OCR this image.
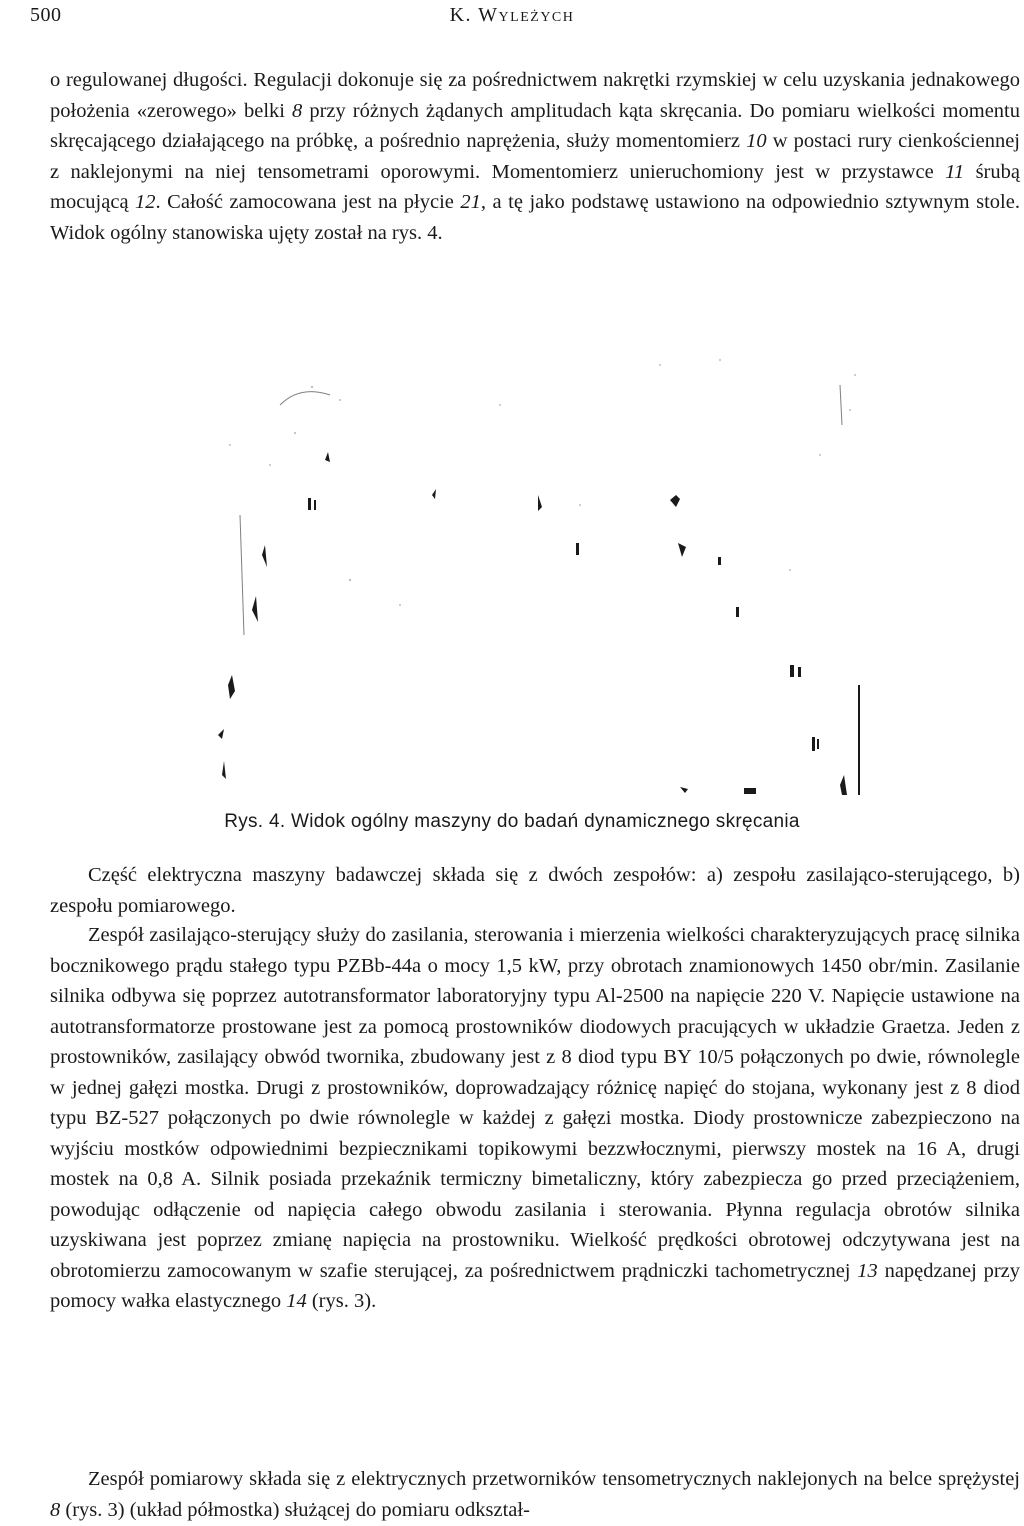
500	K. Wyleżych

o regulowanej długości. Regulacji dokonuje się za pośrednictwem nakrętki rzymskiej w celu uzyskania jednakowego położenia «zerowego» belki 8 przy różnych żądanych amplitudach kąta skręcania. Do pomiaru wielkości momentu skręcającego działającego na próbkę, a pośrednio naprężenia, służy momentomierz 10 w postaci rury cienkościennej z naklejonymi na niej tensometrami oporowymi. Momentomierz unieruchomiony jest w przystawce 11 śrubą mocującą 12. Całość zamocowana jest na płycie 21, a tę jako podstawę ustawiono na odpowiednio sztywnym stole. Widok ogólny stanowiska ujęty został na rys. 4.

Rys. 4. Widok ogólny maszyny do badań dynamicznego skręcania

Część elektryczna maszyny badawczej składa się z dwóch zespołów: a) zespołu zasilająco-sterującego, b) zespołu pomiarowego.

Zespół zasilająco-sterujący służy do zasilania, sterowania i mierzenia wielkości charakteryzujących pracę silnika bocznikowego prądu stałego typu PZBb-44a o mocy 1,5 kW, przy obrotach znamionowych 1450 obr/min. Zasilanie silnika odbywa się poprzez autotransformator laboratoryjny typu Al-2500 na napięcie 220 V. Napięcie ustawione na autotransformatorze prostowane jest za pomocą prostowników diodowych pracujących w układzie Graetza. Jeden z prostowników, zasilający obwód twornika, zbudowany jest z 8 diod typu BY 10/5 połączonych po dwie, równolegle w jednej gałęzi mostka. Drugi z prostowników, doprowadzający różnicę napięć do stojana, wykonany jest z 8 diod typu BZ-527 połączonych po dwie równolegle w każdej z gałęzi mostka. Diody prostownicze zabezpieczono na wyjściu mostków odpowiednimi bezpiecznikami topikowymi bezzwłocznymi, pierwszy mostek na 16 A, drugi mostek na 0,8 A. Silnik posiada przekaźnik termiczny bimetaliczny, który zabezpiecza go przed przeciążeniem, powodując odłączenie od napięcia całego obwodu zasilania i sterowania. Płynna regulacja obrotów silnika uzyskiwana jest poprzez zmianę napięcia na prostowniku. Wielkość prędkości obrotowej odczytywana jest na obrotomierzu zamocowanym w szafie sterującej, za pośrednictwem prądniczki tachometrycznej 13 napędzanej przy pomocy wałka elastycznego 14 (rys. 3).

Zespół pomiarowy składa się z elektrycznych przetworników tensometrycznych naklejonych na belce sprężystej 8 (rys. 3) (układ półmostka) służącej do pomiaru odkształ-
